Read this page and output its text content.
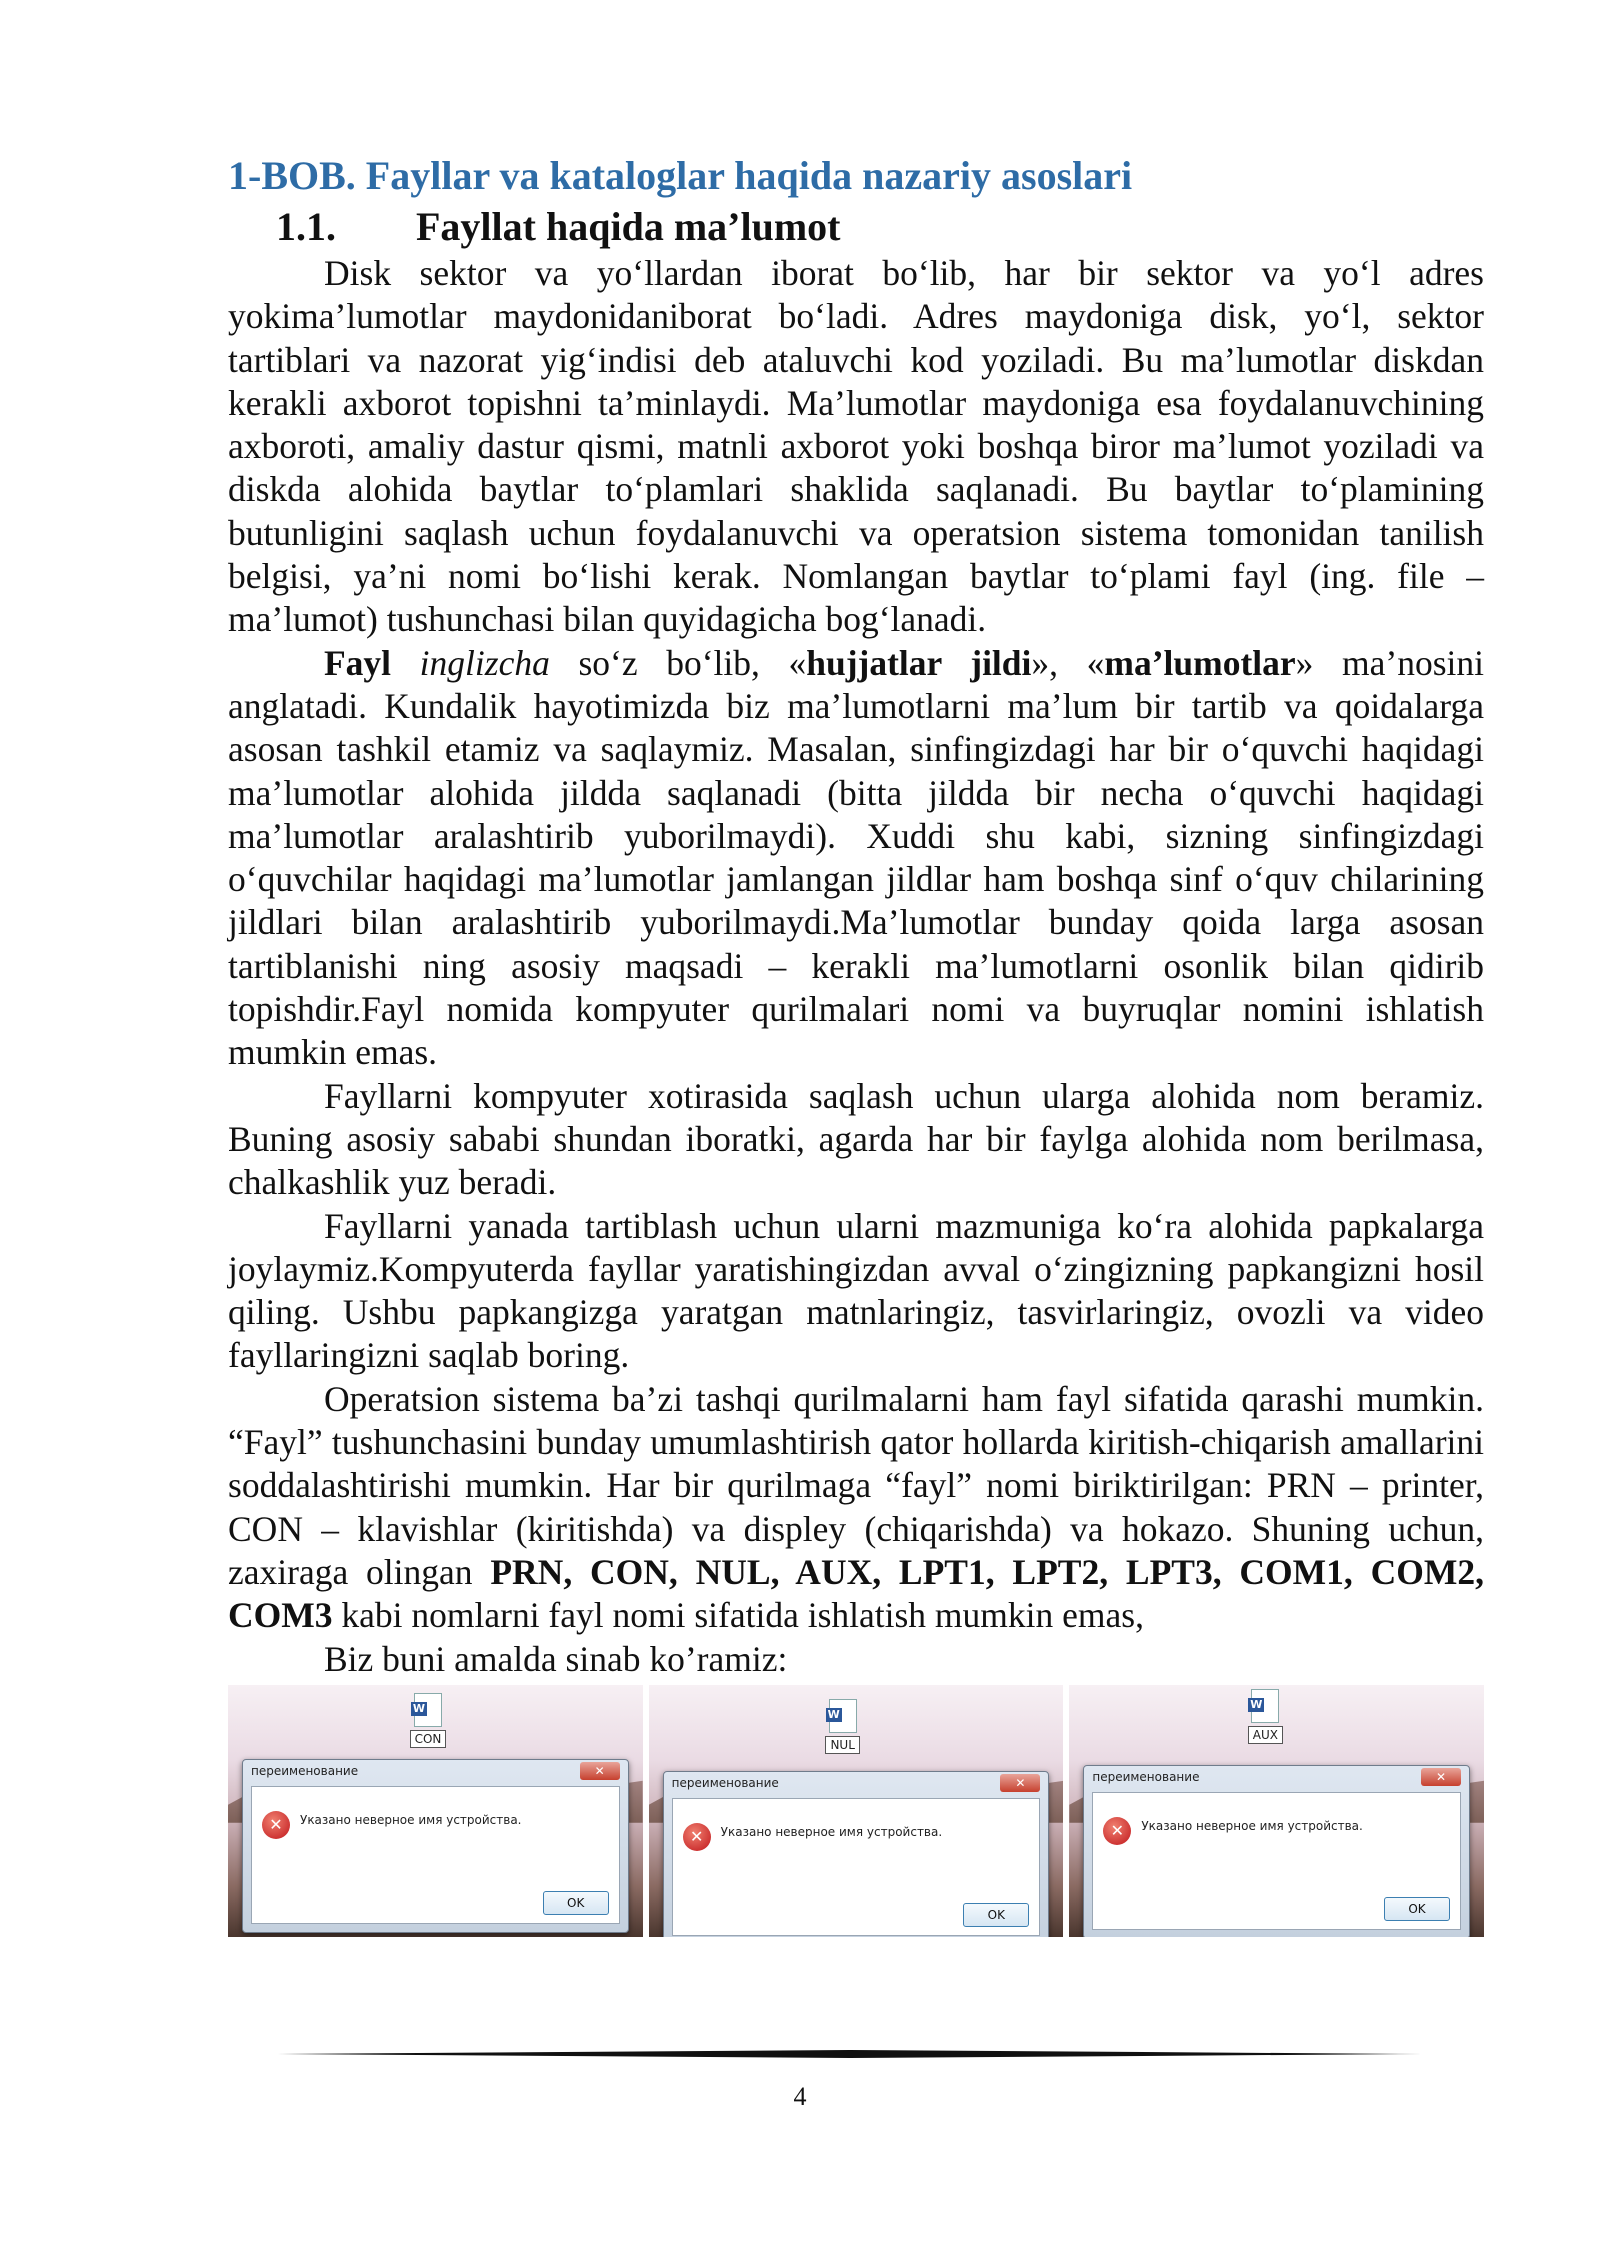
1-BOB. Fayllar va kataloglar haqida nazariy asoslari
1.1.	Fayllat haqida ma’lumot

Disk sektor va yo‘llardan iborat bo‘lib, har bir sektor va yo‘l adres yokima’lumotlar maydonidaniborat bo‘ladi. Adres maydoniga disk, yo‘l, sektor tartiblari va nazorat yig‘indisi deb ataluvchi kod yoziladi. Bu ma’lumotlar diskdan kerakli axborot topishni ta’minlaydi. Ma’lumotlar maydoniga esa foydalanuvchining axboroti, amaliy dastur qismi, matnli axborot yoki boshqa biror ma’lumot yoziladi va diskda alohida baytlar to‘plamlari shaklida saqlanadi. Bu baytlar to‘plamining butunligini saqlash uchun foydalanuvchi va operatsion sistema tomonidan tanilish belgisi, ya’ni nomi bo‘lishi kerak. Nomlangan baytlar to‘plami fayl (ing. file – ma’lumot) tushunchasi bilan quyidagicha bog‘lanadi.

Fayl inglizcha so‘z bo‘lib, «hujjatlar jildi», «ma’lumotlar» ma’nosini anglatadi. Kundalik hayotimizda biz ma’lumotlarni ma’lum bir tartib va qoidalarga asosan tashkil etamiz va saqlaymiz. Masalan, sinfingizdagi har bir o‘quvchi haqidagi ma’lumotlar alohida jildda saqlanadi (bitta jildda bir necha o‘quvchi haqidagi ma’lumotlar aralashtirib yuborilmaydi). Xuddi shu kabi, sizning sinfingizdagi o‘quvchilar haqidagi ma’lumotlar jamlangan jildlar ham boshqa sinf o‘quv chilarining jildlari bilan aralashtirib yuborilmaydi.Ma’lumotlar bunday qoida larga asosan tartiblanishi ning asosiy maqsadi – kerakli ma’lumotlarni osonlik bilan qidirib topishdir.Fayl nomida kompyuter qurilmalari nomi va buyruqlar nomini ishlatish mumkin emas.

Fayllarni kompyuter xotirasida saqlash uchun ularga alohida nom beramiz. Buning asosiy sababi shundan iboratki, agarda har bir faylga alohida nom berilmasa, chalkashlik yuz beradi.

Fayllarni yanada tartiblash uchun ularni mazmuniga ko‘ra alohida papkalarga joylaymiz.Kompyuterda fayllar yaratishingizdan avval o‘zingizning papkangizni hosil qiling. Ushbu papkangizga yaratgan matnlaringiz, tasvirlaringiz, ovozli va video fayllaringizni saqlab boring.

Operatsion sistema ba’zi tashqi qurilmalarni ham fayl sifatida qarashi mumkin. “Fayl” tushunchasini bunday umumlashtirish qator hollarda kiritish-chiqarish amallarini soddalashtirishi mumkin. Har bir qurilmaga “fayl” nomi biriktirilgan: PRN – printer, CON – klavishlar (kiritishda) va displey (chiqarishda) va hokazo. Shuning uchun, zaxiraga olingan PRN, CON, NUL, AUX, LPT1, LPT2, LPT3, COM1, COM2, COM3 kabi nomlarni fayl nomi sifatida ishlatish mumkin emas,

Biz buni amalda sinab ko’ramiz:

W
CON
переименование	✕
✕	Указано неверное имя устройства.
OK
W
NUL
переименование	✕
✕	Указано неверное имя устройства.
OK
W
AUX
переименование	✕
✕	Указано неверное имя устройства.
OK
4
